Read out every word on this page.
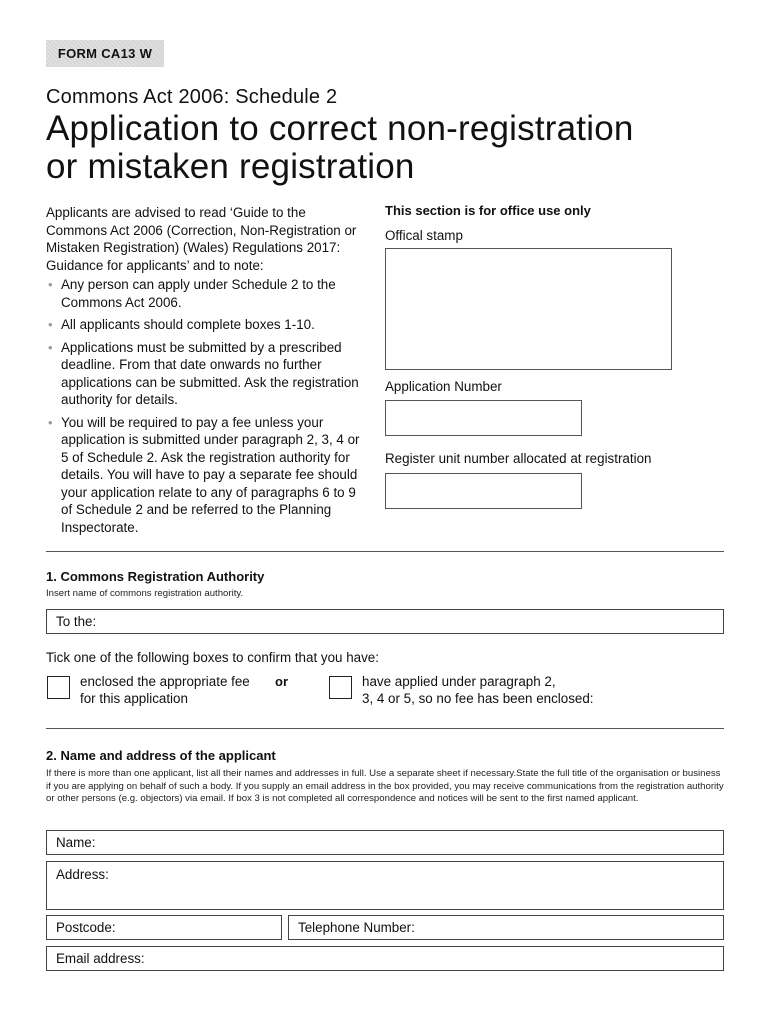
FORM CA13 W
Commons Act 2006: Schedule 2
Application to correct non-registration
or mistaken registration

Applicants are advised to read ‘Guide to the Commons Act 2006 (Correction, Non-Registration or Mistaken Registration) (Wales) Regulations 2017: Guidance for applicants’ and to note:

• Any person can apply under Schedule 2 to the Commons Act 2006.
• All applicants should complete boxes 1-10.
• Applications must be submitted by a prescribed deadline. From that date onwards no further applications can be submitted. Ask the registration authority for details.
• You will be required to pay a fee unless your application is submitted under paragraph 2, 3, 4 or 5 of Schedule 2. Ask the registration authority for details. You will have to pay a separate fee should your application relate to any of paragraphs 6 to 9 of Schedule 2 and be referred to the Planning Inspectorate.
This section is for office use only
Offical stamp
Application Number
Register unit number allocated at registration
1. Commons Registration Authority
Insert name of commons registration authority.
To the:
Tick one of the following boxes to confirm that you have:
enclosed the appropriate fee for this application
or	have applied under paragraph 2,
3, 4 or 5, so no fee has been enclosed:
2. Name and address of the applicant
If there is more than one applicant, list all their names and addresses in full. Use a separate sheet if necessary.State the full title of the organisation or business if you are applying on behalf of such a body. If you supply an email address in the box provided, you may receive communications from the registration authority or other persons (e.g. objectors) via email. If box 3 is not completed all correspondence and notices will be sent to the first named applicant.
Name:
Address:
Postcode:	Telephone Number:
Email address:
